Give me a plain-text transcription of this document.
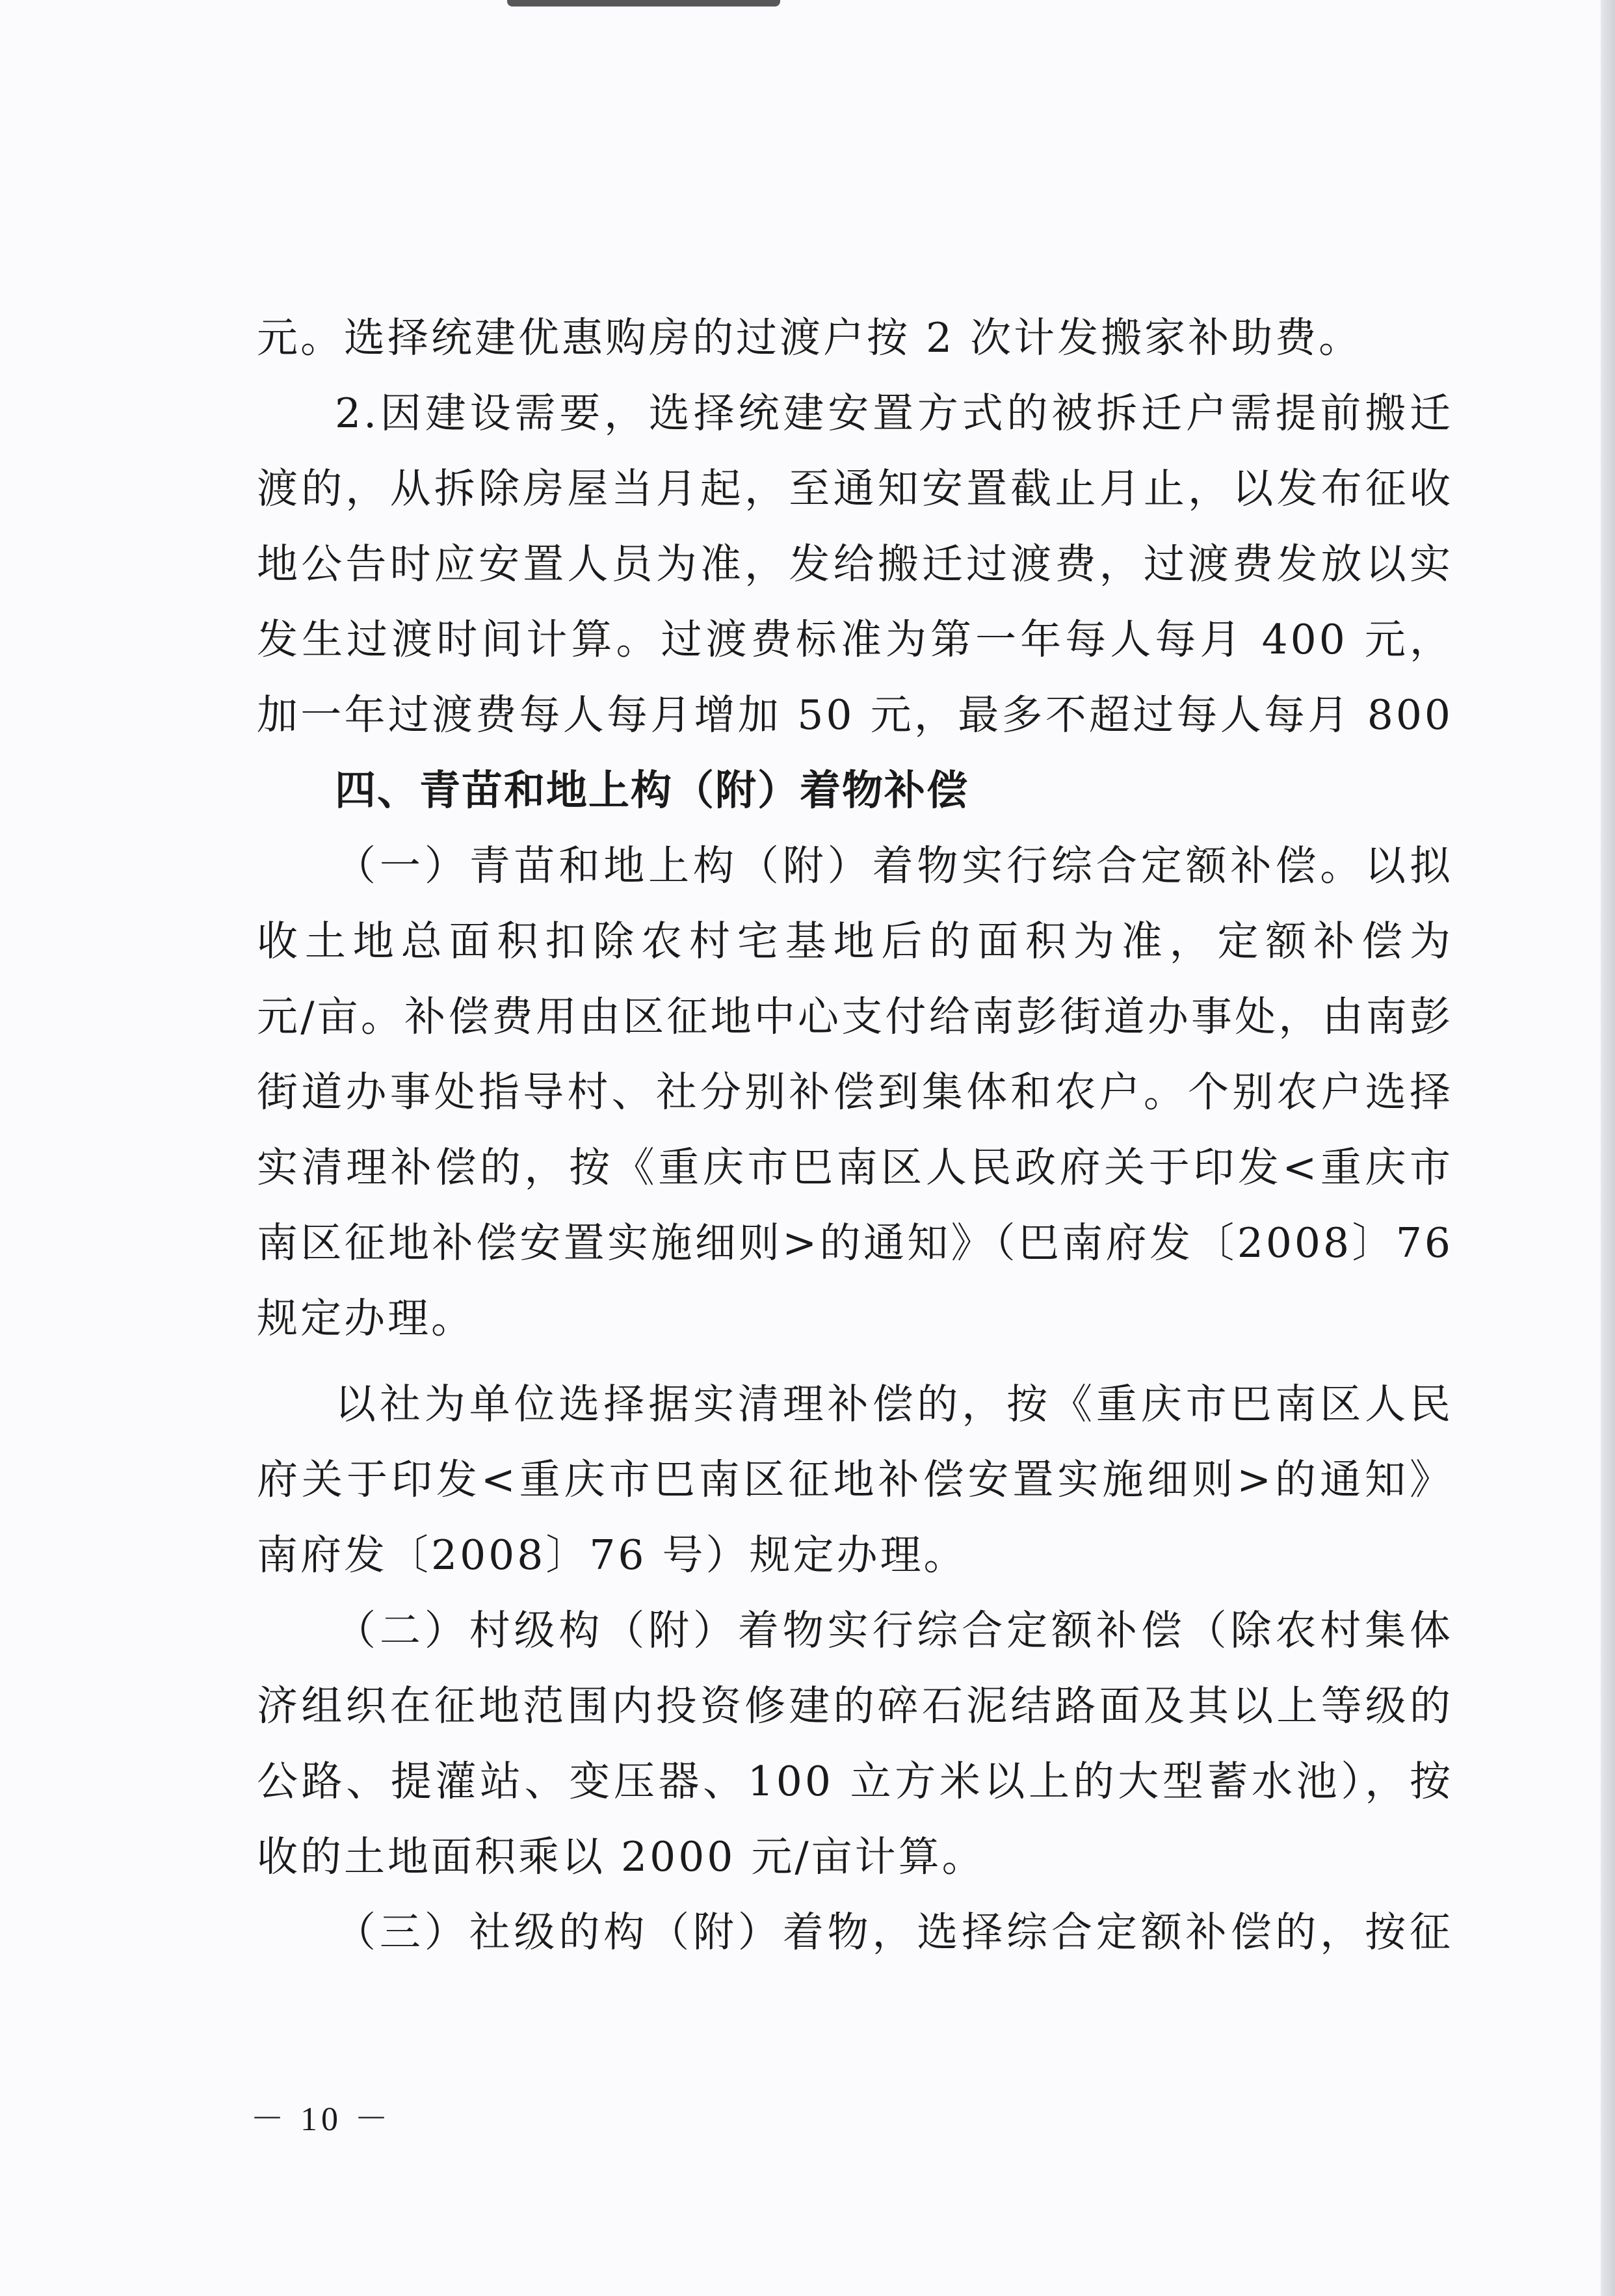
元。选择统建优惠购房的过渡户按 2 次计发搬家补助费。
2.因建设需要，选择统建安置方式的被拆迁户需提前搬迁
渡的，从拆除房屋当月起，至通知安置截止月止，以发布征收
地公告时应安置人员为准，发给搬迁过渡费，过渡费发放以实
发生过渡时间计算。过渡费标准为第一年每人每月 400 元，
加一年过渡费每人每月增加 50 元，最多不超过每人每月 800
四、青苗和地上构（附）着物补偿
（一）青苗和地上构（附）着物实行综合定额补偿。以拟
收土地总面积扣除农村宅基地后的面积为准，定额补偿为
元/亩。补偿费用由区征地中心支付给南彭街道办事处，由南彭
街道办事处指导村、社分别补偿到集体和农户。个别农户选择
实清理补偿的，按《重庆市巴南区人民政府关于印发<重庆市
南区征地补偿安置实施细则>的通知》（巴南府发〔2008〕76
规定办理。
以社为单位选择据实清理补偿的，按《重庆市巴南区人民
府关于印发<重庆市巴南区征地补偿安置实施细则>的通知》
南府发〔2008〕76 号）规定办理。
（二）村级构（附）着物实行综合定额补偿（除农村集体
济组织在征地范围内投资修建的碎石泥结路面及其以上等级的
公路、提灌站、变压器、100 立方米以上的大型蓄水池），按
收的土地面积乘以 2000 元/亩计算。
（三）社级的构（附）着物，选择综合定额补偿的，按征
－ 10 －
